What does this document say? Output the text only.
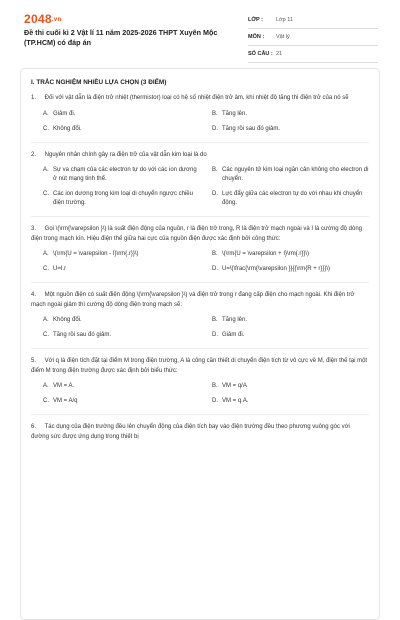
2048.vn
Đề thi cuối kì 2 Vật lí 11 năm 2025-2026 THPT Xuyên Mộc (TP.HCM) có đáp án
LỚP :	Lớp 11
MÔN :	Vật lý
SỐ CÂU : 21
I. TRẮC NGHIỆM NHIỀU LỰA CHỌN (3 ĐIỂM)
1. Đối với vật dẫn là điện trở nhiệt (thermistor) loại có hệ số nhiệt điện trở âm, khi nhiệt độ tăng thì điện trở của nó sẽ
A. Giảm đi.	B. Tăng lên.
C. Không đổi.	D. Tăng rồi sau đó giảm.
2. Nguyên nhân chính gây ra điện trở của vật dẫn kim loại là do
A. Sự va chạm của các electron tự do với các ion dương ở nút mạng tinh thể.
B. Các nguyên tử kim loại ngăn cản không cho electron di chuyển.
C. Các ion dương trong kim loại di chuyển ngược chiều điện trường.
D. Lực đẩy giữa các electron tự do với nhau khi chuyển động.
3. Gọi \(\rm{\varepsilon }\) là suất điện động của nguồn, r là điện trở trong, R là điện trở mạch ngoài và I là cường độ dòng điện trong mạch kín. Hiệu điện thế giữa hai cực của nguồn điện được xác định bởi công thức:
A. \(\rm{U = \varepsilon - I}\rm{.r}}\)	B. \(\rm{U = \varepsilon + I}\rm{.r}}\)
C. U=I.r	D. U=\(\frac{\rm{\varepsilon }}{{\rm{R + r}}}\)
4. Một nguồn điện có suất điện động \(\rm{\varepsilon }\) và điện trở trong r đang cấp điện cho mạch ngoài. Khi điện trở mạch ngoài giảm thì cường độ dòng điện trong mạch sẽ:
A. Không đổi.	B. Tăng lên.
C. Tăng rồi sau đó giảm.	D. Giảm đi.
5. Với q là điện tích đặt tại điểm M trong điện trường, A là công cần thiết di chuyển điện tích từ vô cực về M, điện thế tại một điểm M trong điện trường được xác định bởi biểu thức:
A. VM = A.	B. VM = q/A
C. VM = A/q	D. VM = q.A.
6. Tác dụng của điện trường đều lên chuyển động của điện tích bay vào điện trường đều theo phương vuông góc với đường sức được ứng dụng trong thiết bị
